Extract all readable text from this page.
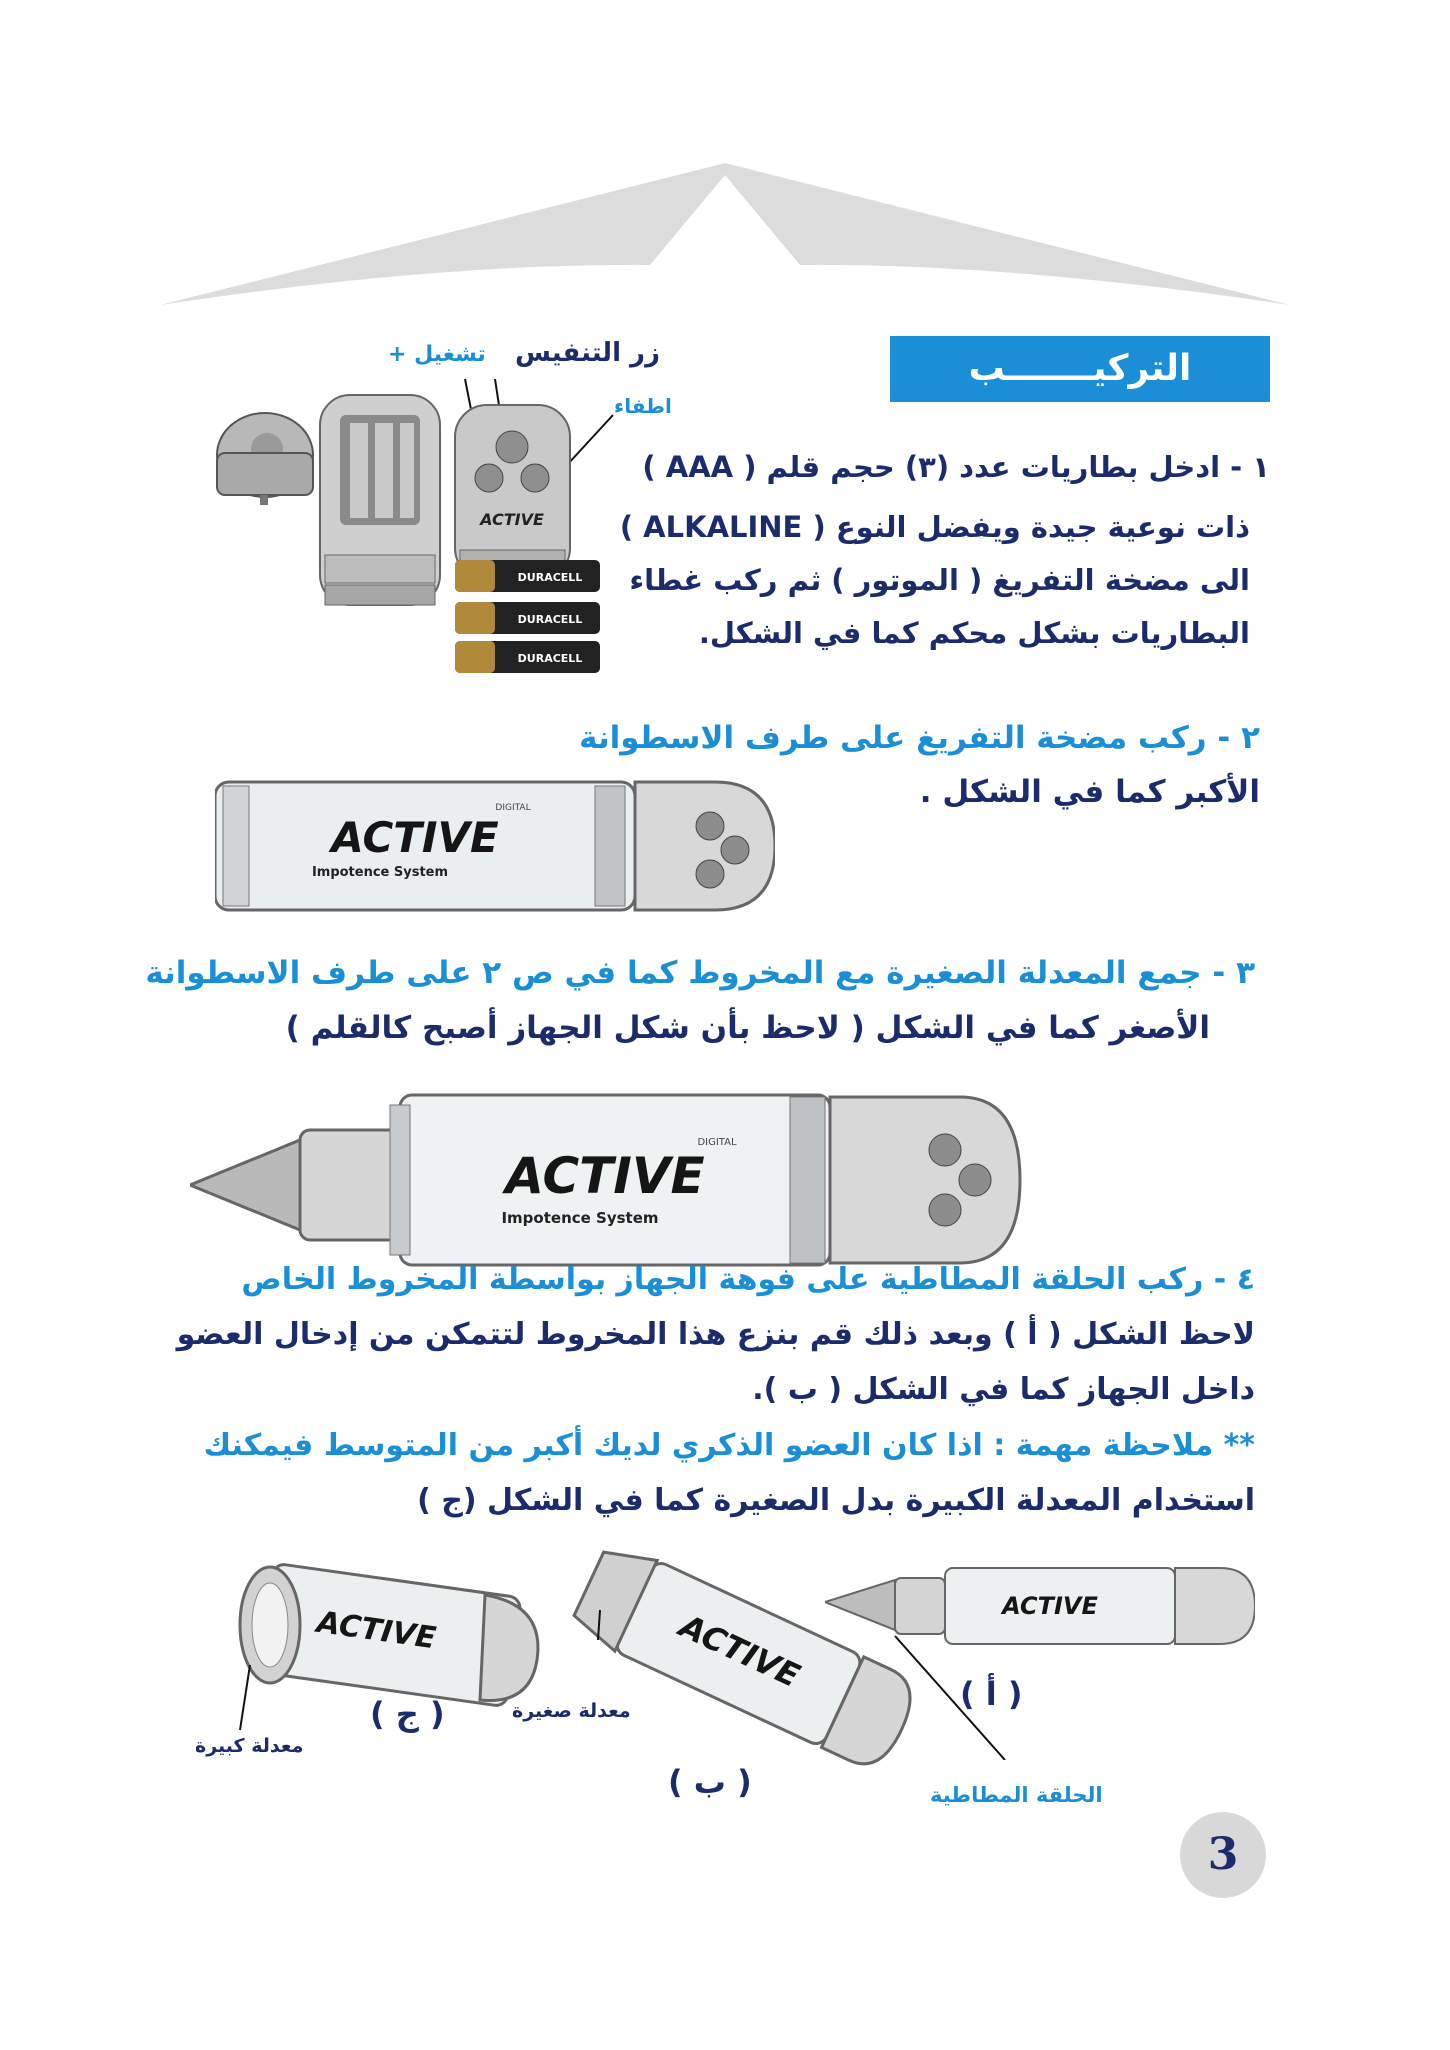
التركيـــــــب
زر التنفيس
+ تشغيل
اطفاء
ACTIVE
DURACELL
DURACELL
DURACELL
١ - ادخل بطاريات عدد (٣) حجم قلم ( AAA )
ذات نوعية جيدة ويفضل النوع ( ALKALINE )
الى مضخة التفريغ ( الموتور ) ثم ركب غطاء
البطاريات بشكل محكم كما في الشكل.
٢ - ركب مضخة التفريغ على طرف الاسطوانة
الأكبر كما في الشكل .
ACTIVE
Impotence System
DIGITAL
٣ - جمع المعدلة الصغيرة مع المخروط كما في ص ٢ على طرف الاسطوانة
الأصغر كما في الشكل ( لاحظ بأن شكل الجهاز أصبح كالقلم )
ACTIVE
Impotence System
DIGITAL
٤ - ركب الحلقة المطاطية على فوهة الجهاز بواسطة المخروط الخاص
لاحظ الشكل ( أ ) وبعد ذلك قم بنزع هذا المخروط لتتمكن من إدخال العضو
داخل الجهاز كما في الشكل ( ب ).
** ملاحظة مهمة : اذا كان العضو الذكري لديك أكبر من المتوسط فيمكنك
استخدام المعدلة الكبيرة بدل الصغيرة كما في الشكل (ج )
ACTIVE
معدلة كبيرة
( ج )
ACTIVE
معدلة صغيرة
( ب )
ACTIVE
( أ )
الحلقة المطاطية
3
